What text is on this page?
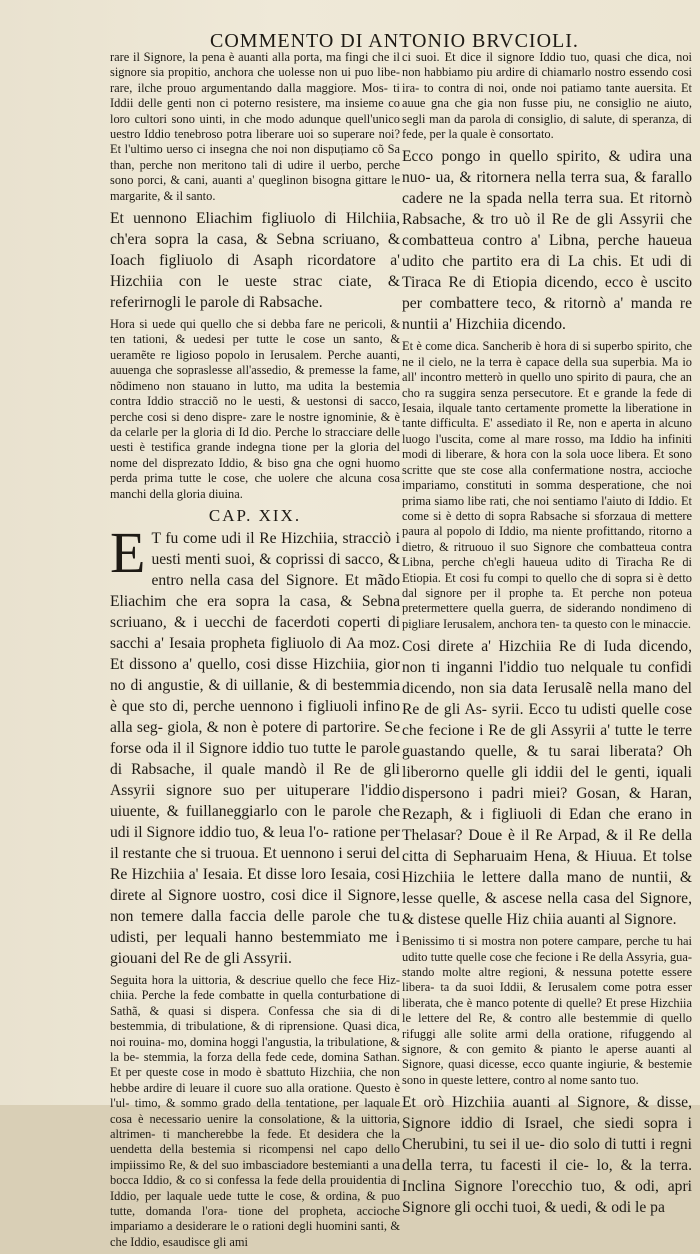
COMMENTO DI ANTONIO BRVCIOLI.

rare il Signore, la pena è auanti alla porta, ma fingi che il signore sia propitio, anchora che uolesse non ui puo libe- rare, ilche prouo argumentando dalla maggiore. Mos- ti Iddii delle genti non ci poterno resistere, ma insieme co loro cultori sono uinti, in che modo adunque quell'unico uestro Iddio tenebroso potra liberare uoi so superare noi? Et l'ultimo uerso ci insegna che noi non dispuțiamo cõ Sa than, perche non meritono tali di udire il uerbo, perche sono porci, & cani, auanti a' queglinon bisogna gittare le margarite, & il santo.

Et uennono Eliachim figliuolo di Hilchiia, ch'era sopra la casa, & Sebna scriuano, & Ioach figliuolo di Asaph ricordatore a' Hizchiia con le ueste strac ciate, & referirnogli le parole di Rabsache.

Hora si uede qui quello che si debba fare ne pericoli, & ten tationi, & uedesi per tutte le cose un santo, & ueramẽte re ligioso popolo in Ierusalem. Perche auanti, auuenga che sopraslesse all'assedio, & premesse la fame, nõdimeno non stauano in lutto, ma udita la bestemia contra Iddio stracciõ no le uesti, & uestonsi di sacco, perche cosi si deno dispre- zare le nostre ignominie, & è da celarle per la gloria di Id dio. Perche lo stracciare delle uesti è testifica grande indegna tione per la gloria del nome del disprezato Iddio, & biso gna che ogni huomo perda prima tutte le cose, che uolere che alcuna cosa manchi della gloria diuina.

CAP. XIX.

E T fu come udi il Re Hizchiia, stracciò i uesti menti suoi, & coprissi di sacco, & entro nella casa del Signore. Et mãdo Eliachim che era sopra la casa, & Sebna scriuano, & i uecchi de facerdoti coperti di sacchi a' Iesaia propheta figliuolo di Aa moz. Et dissono a' quello, cosi disse Hizchiia, gior no di angustie, & di uillanie, & di bestemmia è que sto di, perche uennono i figliuoli infino alla seg- giola, & non è potere di partorire. Se forse oda il il Signore iddio tuo tutte le parole di Rabsache, il quale mandò il Re de gli Assyrii signore suo per uituperare l'iddio uiuente, & fuillaneggiarlo con le parole che udi il Signore iddio tuo, & leua l'o- ratione per il restante che si truoua. Et uennono i serui del Re Hizchiia a' Iesaia. Et disse loro Iesaia, cosi direte al Signore uostro, cosi dice il Signore, non temere dalla faccia delle parole che tu udisti, per lequali hanno bestemmiato me i giouani del Re de gli Assyrii.

Seguita hora la uittoria, & descriue quello che fece Hiz- chiia. Perche la fede combatte in quella conturbatione di Sathã, & quasi si dispera. Confessa che sia di di bestemmia, di tribulatione, & di riprensione. Quasi dica, noi rouina- mo, domina hoggi l'angustia, la tribulatione, & la be- stemmia, la forza della fede cede, domina Sathan. Et per queste cose in modo è sbattuto Hizchiia, che non hebbe ardire di leuare il cuore suo alla oratione. Questo è l'ul- timo, & sommo grado della tentatione, per laquale cosa è necessario uenire la consolatione, & la uittoria, altrimen- ti mancherebbe la fede. Et desidera che la uendetta della bestemia si ricompensi nel capo dello impiissimo Re, & del suo imbasciadore bestemianti a una bocca Iddio, & co si confessa la fede della prouidentia di Iddio, per laquale uede tutte le cose, & ordina, & puo tutte, domanda l'ora- tione del propheta, accioche impariamo a desiderare le o rationi degli huomini santi, & che Iddio, esaudisce gli ami

ci suoi. Et dice il signore Iddio tuo, quasi che dica, noi non habbiamo piu ardire di chiamarlo nostro essendo cosi ira- to contra di noi, onde noi patiamo tante auersita. Et auue gna che gia non fusse piu, ne consiglio ne aiuto, segli man da parola di consiglio, di salute, di speranza, di fede, per la quale è consortato.

Ecco pongo in quello spirito, & udira una nuo- ua, & ritornera nella terra sua, & farallo cadere ne la spada nella terra sua. Et ritornò Rabsache, & tro uò il Re de gli Assyrii che combatteua contro a' Libna, perche haueua udito che partito era di La chis. Et udi di Tiraca Re di Etiopia dicendo, ecco è uscito per combattere teco, & ritornò a' manda re nuntii a' Hizchiia dicendo.

Et è come dica. Sancherib è hora di si superbo spirito, che ne il cielo, ne la terra è capace della sua superbia. Ma io all' incontro metterò in quello uno spirito di paura, che an cho ra suggira senza persecutore. Et e grande la fede di Iesaia, ilquale tanto certamente promette la liberatione in tante difficulta. E' assediato il Re, non e aperta in alcuno luogo l'uscita, come al mare rosso, ma Iddio ha infiniti modi di liberare, & hora con la sola uoce libera. Et sono scritte que ste cose alla confermatione nostra, accioche impariamo, constituti in somma desperatione, che noi prima siamo libe rati, che noi sentiamo l'aiuto di Iddio. Et come si è detto di sopra Rabsache si sforzaua di mettere paura al popolo di Iddio, ma niente profittando, ritorno a dietro, & ritruouo il suo Signore che combatteua contra Libna, perche ch'egli haueua udito di Tiracha Re di Etiopia. Et cosi fu compi to quello che di sopra si è detto dal signore per il prophe ta. Et perche non poteua pretermettere quella guerra, de siderando nondimeno di pigliare Ierusalem, anchora ten- ta questo con le minaccie.

Cosi direte a' Hizchiia Re di Iuda dicendo, non ti inganni l'iddio tuo nelquale tu confidi dicendo, non sia data Ierusalẽ nella mano del Re de gli As- syrii. Ecco tu udisti quelle cose che fecione i Re de gli Assyrii a' tutte le terre guastando quelle, & tu sarai liberata? Oh liberorno quelle gli iddii del le genti, iquali dispersono i padri miei? Gosan, & Haran, Rezaph, & i figliuoli di Edan che erano in Thelasar? Doue è il Re Arpad, & il Re della citta di Sepharuaim Hena, & Hiuua. Et tolse Hizchiia le lettere dalla mano de nuntii, & lesse quelle, & ascese nella casa del Signore, & distese quelle Hiz chiia auanti al Signore.

Benissimo ti si mostra non potere campare, perche tu hai udito tutte quelle cose che fecione i Re della Assyria, gua- stando molte altre regioni, & nessuna potette essere libera- ta da suoi Iddii, & Ierusalem come potra esser liberata, che è manco potente di quelle? Et prese Hizchiia le lettere del Re, & contro alle bestemmie di quello rifuggi alle solite armi della oratione, rifuggendo al signore, & con gemito & pianto le aperse auanti al Signore, quasi dicesse, ecco quante ingiurie, & bestemie sono in queste lettere, contro al nome santo tuo.

Et orò Hizchiia auanti al Signore, & disse, Signore iddio di Israel, che siedi sopra i Cherubini, tu sei il ue- dio solo di tutti i regni della terra, tu facesti il cie- lo, & la terra. Inclina Signore l'orecchio tuo, & odi, apri Signore gli occhi tuoi, & uedi, & odi le pa
